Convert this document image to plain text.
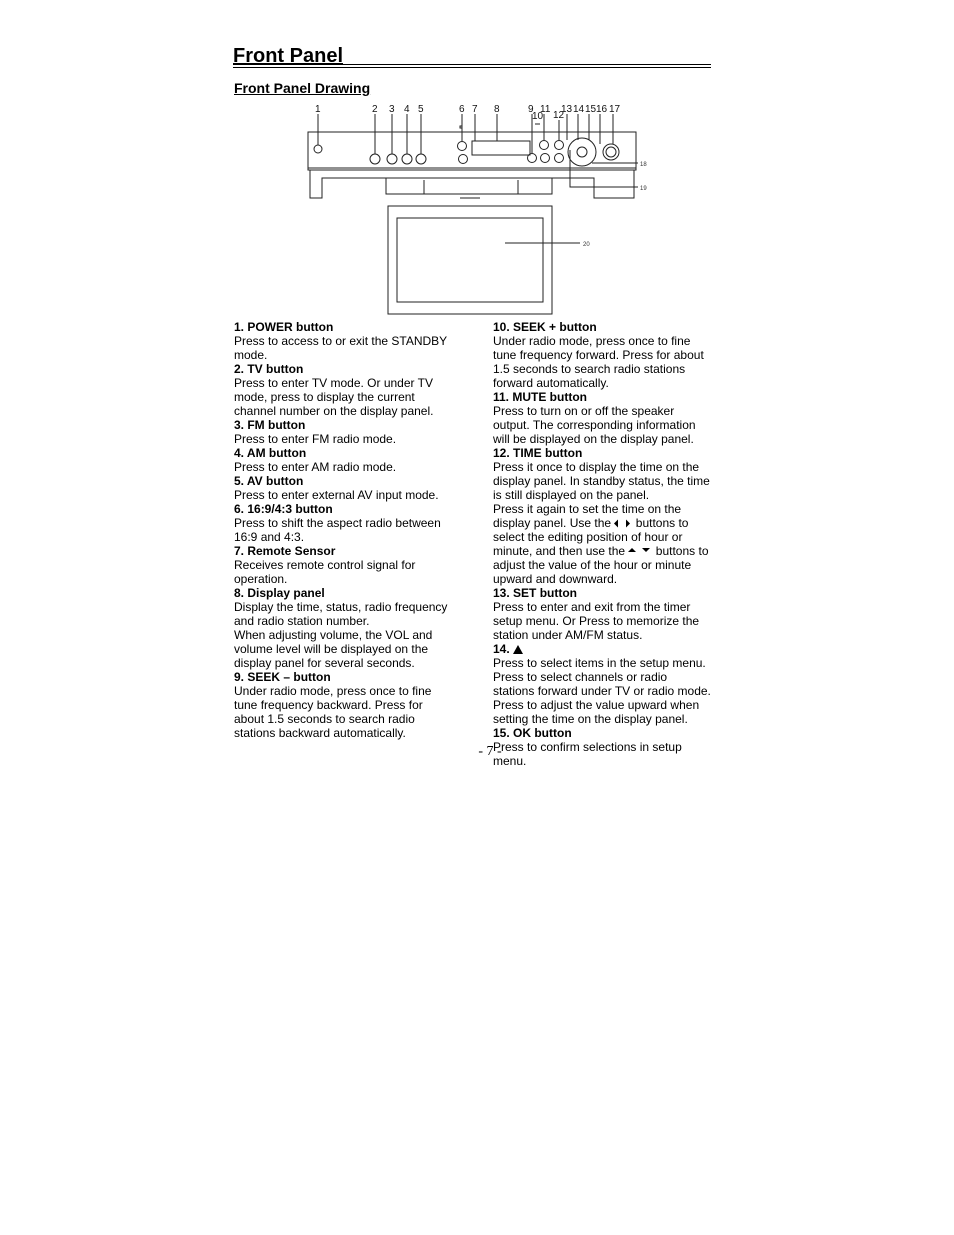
Front Panel
Front Panel Drawing
1	2 3 4 5	6 7 8	9
10
11
12
13 14 15 16 17
18
19
20
1. POWER button
Press to access to or exit the STANDBY
mode.
2. TV button
Press to enter TV mode. Or under TV
mode, press to display the current
channel number on the display panel.
3. FM button
Press to enter FM radio mode.
4. AM button
Press to enter AM radio mode.
5. AV button
Press to enter external AV input mode.
6. 16:9/4:3 button
Press to shift the aspect radio between
16:9 and 4:3.
7. Remote Sensor
Receives remote control signal for
operation.
8. Display panel
Display the time, status, radio frequency
and radio station number.
When adjusting volume, the VOL and
volume level will be displayed on the
display panel for several seconds.
9. SEEK – button
Under radio mode, press once to fine
tune frequency backward. Press for
about 1.5 seconds to search radio
stations backward automatically.
10. SEEK + button
Under radio mode, press once to fine
tune frequency forward. Press for about
1.5 seconds to search radio stations
forward automatically.
11. MUTE button
Press to turn on or off the speaker
output. The corresponding information
will be displayed on the display panel.
12. TIME button
Press it once to display the time on the
display panel. In standby status, the time
is still displayed on the panel.
Press it again to set the time on the
display panel. Use the buttons to
select the editing position of hour or
minute, and then use the	buttons to
adjust the value of the hour or minute
upward and downward.
13. SET button
Press to enter and exit from the timer
setup menu. Or Press to memorize the
station under AM/FM status.
14.
Press to select items in the setup menu.
Press to select channels or radio
stations forward under TV or radio mode.
Press to adjust the value upward when
setting the time on the display panel.
15. OK button
Press to confirm selections in setup
menu.
- 7 -
